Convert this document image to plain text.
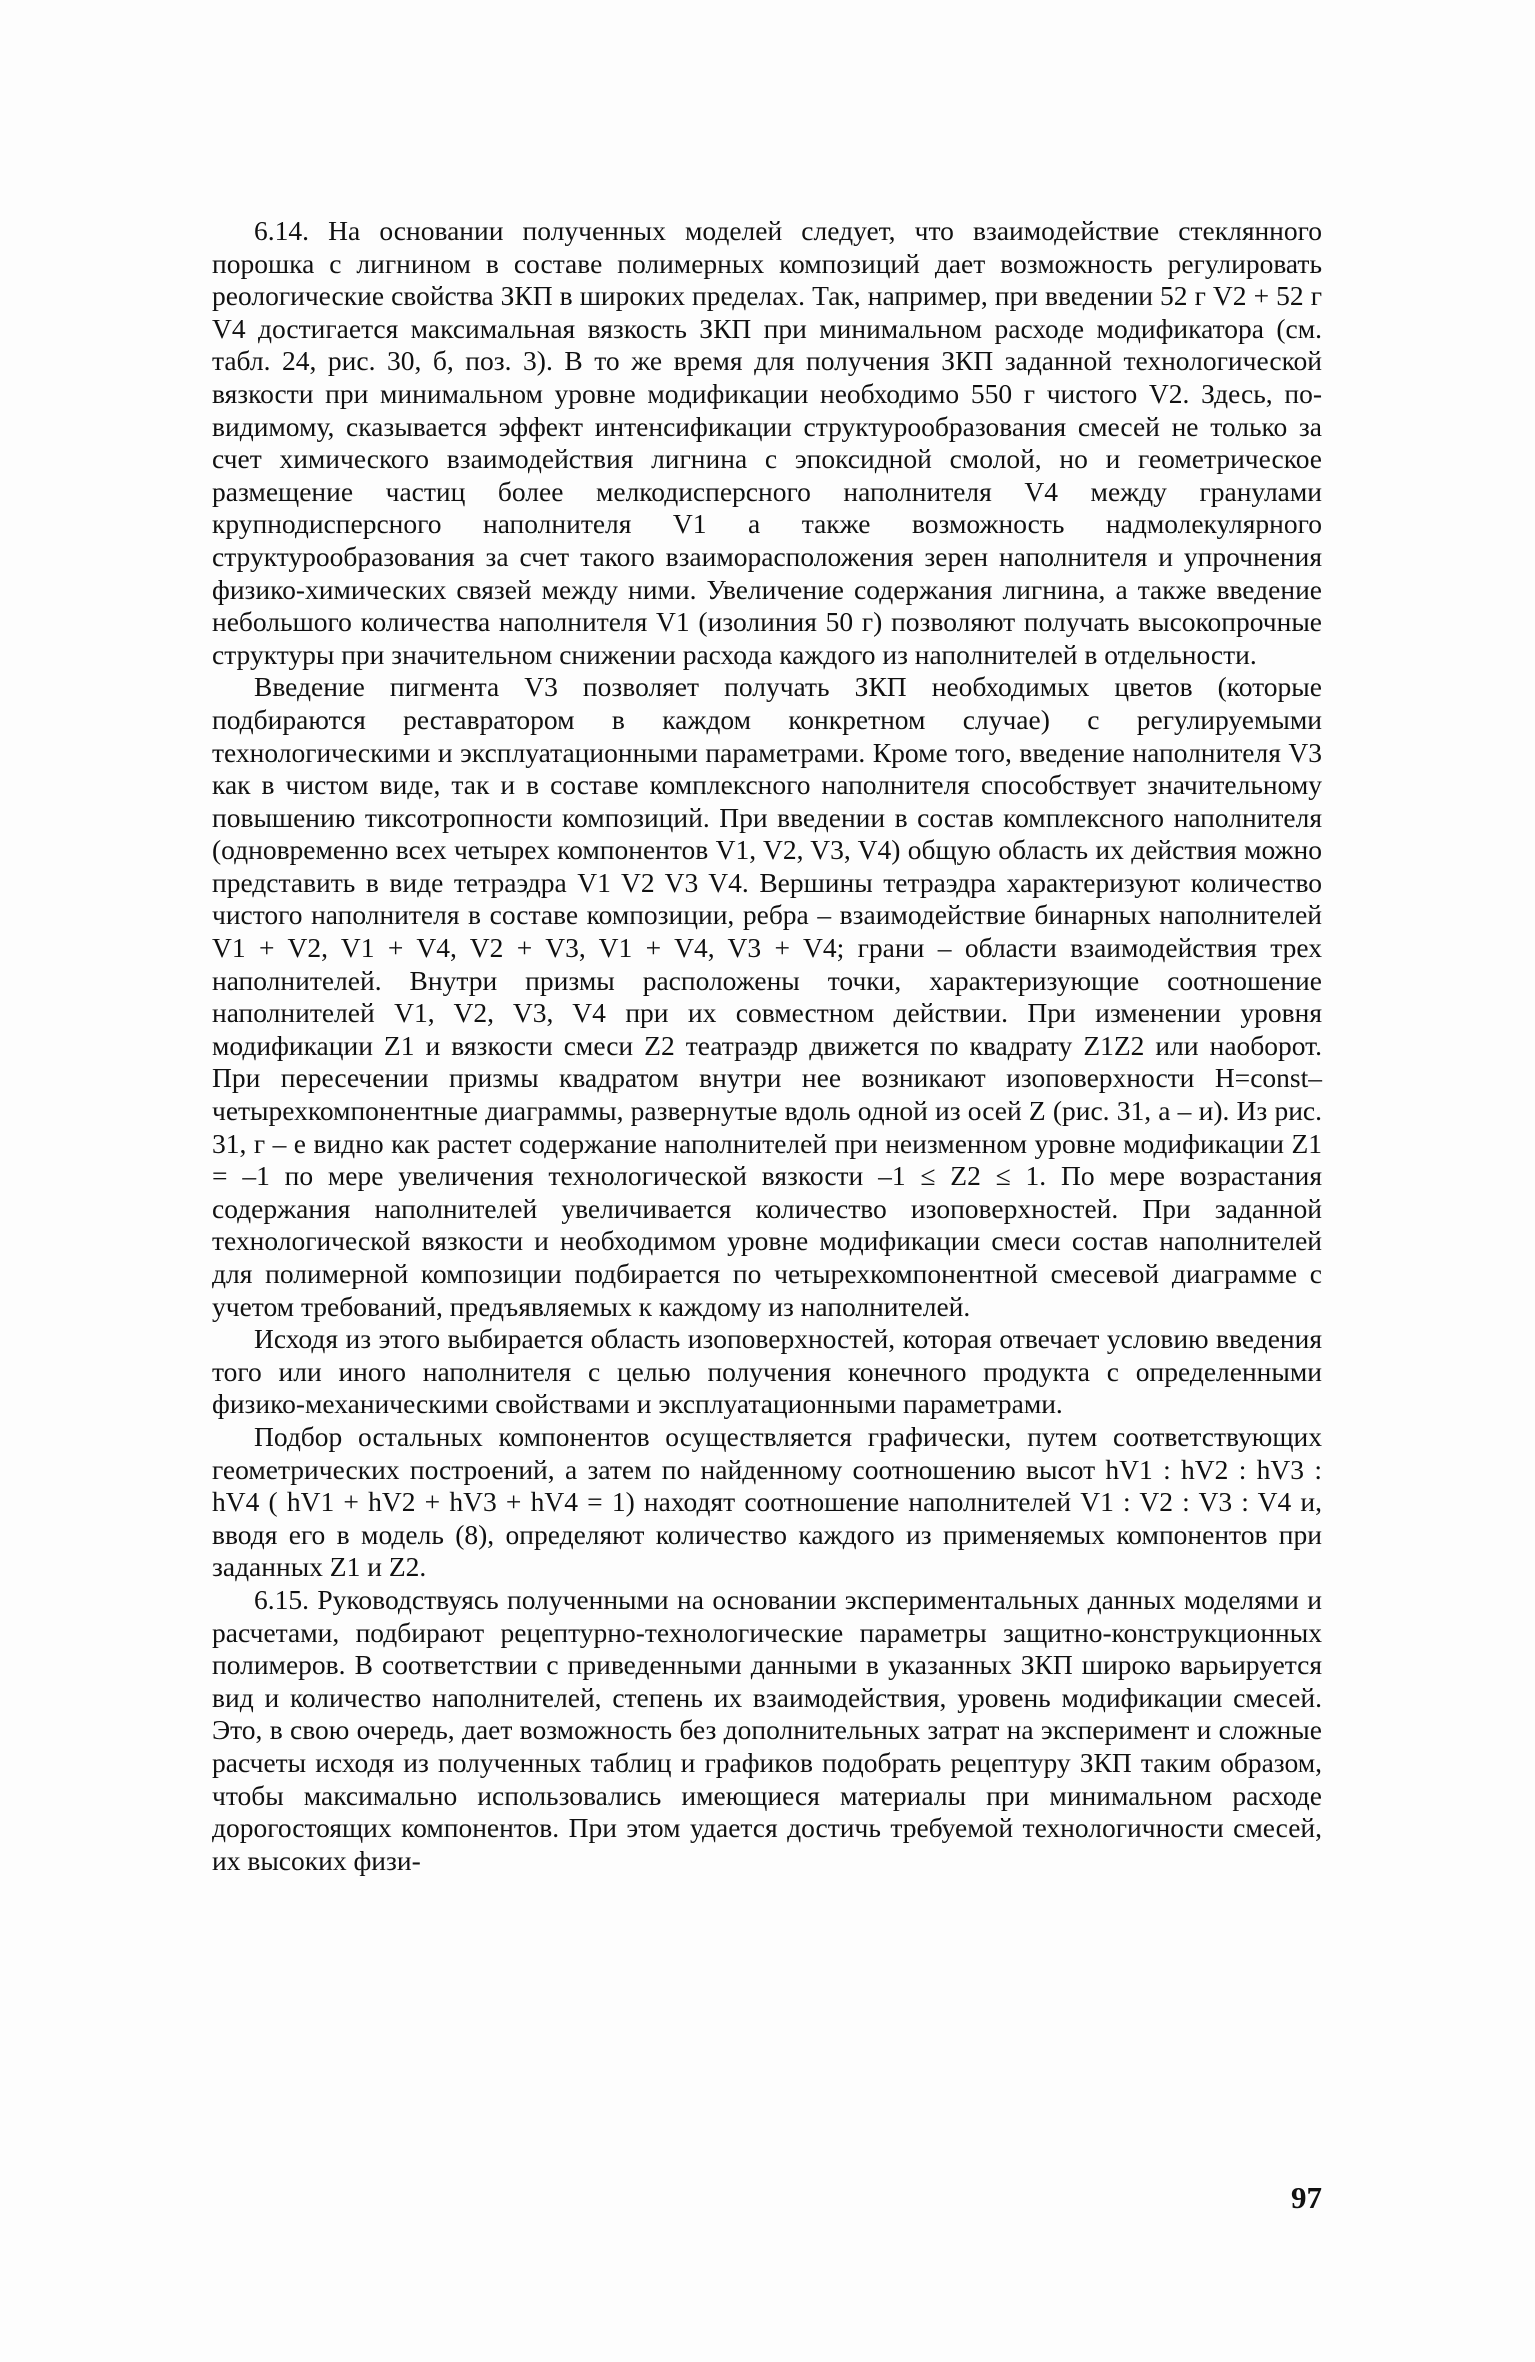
6.14. На основании полученных моделей следует, что взаимодействие стеклянного порошка с лигнином в составе полимерных композиций дает возможность регулировать реологические свойства ЗКП в широких пределах. Так, например, при введении 52 г V2 + 52 г V4 достигается максимальная вязкость ЗКП при минимальном расходе модификатора (см. табл. 24, рис. 30, б, поз. 3). В то же время для получения ЗКП заданной технологической вязкости при минимальном уровне модификации необходимо 550 г чистого V2. Здесь, по-видимому, сказывается эффект интенсификации структурообразования смесей не только за счет химического взаимодействия лигнина с эпоксидной смолой, но и геометрическое размещение частиц более мелкодисперсного наполнителя V4 между гранулами крупнодисперсного наполнителя V1 а также возможность надмолекулярного структурообразования за счет такого взаиморасположения зерен наполнителя и упрочнения физико-химических связей между ними. Увеличение содержания лигнина, а также введение небольшого количества наполнителя V1 (изолиния 50 г) позволяют получать высокопрочные структуры при значительном снижении расхода каждого из наполнителей в отдельности.

Введение пигмента V3 позволяет получать ЗКП необходимых цветов (которые подбираются реставратором в каждом конкретном случае) с регулируемыми технологическими и эксплуатационными параметрами. Кроме того, введение наполнителя V3 как в чистом виде, так и в составе комплексного наполнителя способствует значительному повышению тиксотропности композиций. При введении в состав комплексного наполнителя (одновременно всех четырех компонентов V1, V2, V3, V4) общую область их действия можно представить в виде тетраэдра V1 V2 V3 V4. Вершины тетраэдра характеризуют количество чистого наполнителя в составе композиции, ребра – взаимодействие бинарных наполнителей V1 + V2, V1 + V4, V2 + V3, V1 + V4, V3 + V4; грани – области взаимодействия трех наполнителей. Внутри призмы расположены точки, характеризующие соотношение наполнителей V1, V2, V3, V4 при их совместном действии. При изменении уровня модификации Z1 и вязкости смеси Z2 театраэдр движется по квадрату Z1Z2 или наоборот. При пересечении призмы квадратом внутри нее возникают изоповерхности H=const– четырехкомпонентные диаграммы, развернутые вдоль одной из осей Z (рис. 31, а – и). Из рис. 31, г – е видно как растет содержание наполнителей при неизменном уровне модификации Z1 = –1 по мере увеличения технологической вязкости –1 ≤ Z2 ≤ 1. По мере возрастания содержания наполнителей увеличивается количество изоповерхностей. При заданной технологической вязкости и необходимом уровне модификации смеси состав наполнителей для полимерной композиции подбирается по четырехкомпонентной смесевой диаграмме с учетом требований, предъявляемых к каждому из наполнителей.

Исходя из этого выбирается область изоповерхностей, которая отвечает условию введения того или иного наполнителя с целью получения конечного продукта с определенными физико-механическими свойствами и эксплуатационными параметрами.

Подбор остальных компонентов осуществляется графически, путем соответствующих геометрических построений, а затем по найденному соотношению высот hV1 : hV2 : hV3 : hV4 ( hV1 + hV2 + hV3 + hV4 = 1) находят соотношение наполнителей V1 : V2 : V3 : V4 и, вводя его в модель (8), определяют количество каждого из применяемых компонентов при заданных Z1 и Z2.

6.15. Руководствуясь полученными на основании экспериментальных данных моделями и расчетами, подбирают рецептурно-технологические параметры защитно-конструкционных полимеров. В соответствии с приведенными данными в указанных ЗКП широко варьируется вид и количество наполнителей, степень их взаимодействия, уровень модификации смесей. Это, в свою очередь, дает возможность без дополнительных затрат на эксперимент и сложные расчеты исходя из полученных таблиц и графиков подобрать рецептуру ЗКП таким образом, чтобы максимально использовались имеющиеся материалы при минимальном расходе дорогостоящих компонентов. При этом удается достичь требуемой технологичности смесей, их высоких физи-

97
